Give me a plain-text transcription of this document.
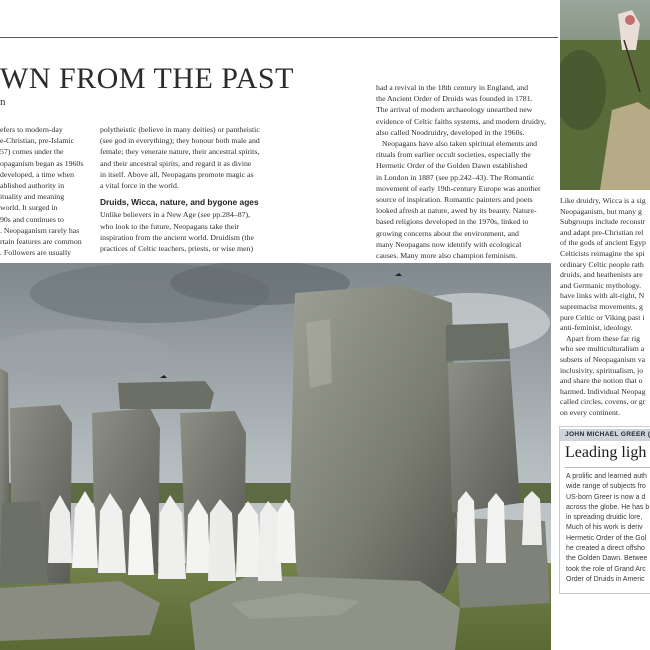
WN FROM THE PAST

n

efers to modern-day

e-Christian, pre-Islamic

57) comes under the

opaganism began as 1960s

developed, a time when

ablished authority in

ituality and meaning

world. It surged in

90s and continues to

. Neopaganism rarely has

rtain features are common

. Followers are usually

polytheistic (believe in many deities) or pantheistic

(see god in everything); they honour both male and

female; they venerate nature, their ancestral spirits,

and their ancestral spirits, and regard it as divine

in itself. Above all, Neopagans promote magic as

a vital force in the world.

Druids, Wicca, nature, and bygone ages

Unlike believers in a New Age (see pp.284–87),

who look to the future, Neopagans take their

inspiration from the ancient world. Druidism (the

practices of Celtic teachers, priests, or wise men)

had a revival in the 18th century in England, and

the Ancient Order of Druids was founded in 1781.

The arrival of modern archaeology unearthed new

evidence of Celtic faiths systems, and modern druidry,

also called Neodruidry, developed in the 1960s.

Neopagans have also taken spiritual elements and

rituals from earlier occult societies, especially the

Hermetic Order of the Golden Dawn established

in London in 1887 (see pp.242–43). The Romantic

movement of early 19th-century Europe was another

source of inspiration. Romantic painters and poets

looked afresh at nature, awed by its beauty. Nature-

based religions developed in the 1970s, linked to

growing concerns about the environment, and

many Neopagans now identify with ecological

causes. Many more also champion feminism.

Like druidry, Wicca is a sig

Neopaganism, but many g

Subgroups include reconstr

and adapt pre-Christian rel

of the gods of ancient Egyp

Celticists reimagine the spi

ordinary Celtic people rath

druids, and heathenists are

and Germanic mythology.

have links with alt-right, N

supremacist movements, g

pure Celtic or Viking past i

anti-feminist, ideology.

Apart from these far rig

who see multiculturalism a

subsets of Neopaganism va

inclusivity, spiritualism, jo

and share the notion that o

harmed. Individual Neopag

called circles, covens, or gr

on every continent.

JOHN MICHAEL GREER (
Leading ligh

A prolific and learned auth

wide range of subjects fro

US-born Greer is now a d

across the globe. He has b

in spreading druidic lore,

Much of his work is deriv

Hermetic Order of the Gol

he created a direct offsho

the Golden Dawn. Betwee

took the role of Grand Arc

Order of Druids in Americ
